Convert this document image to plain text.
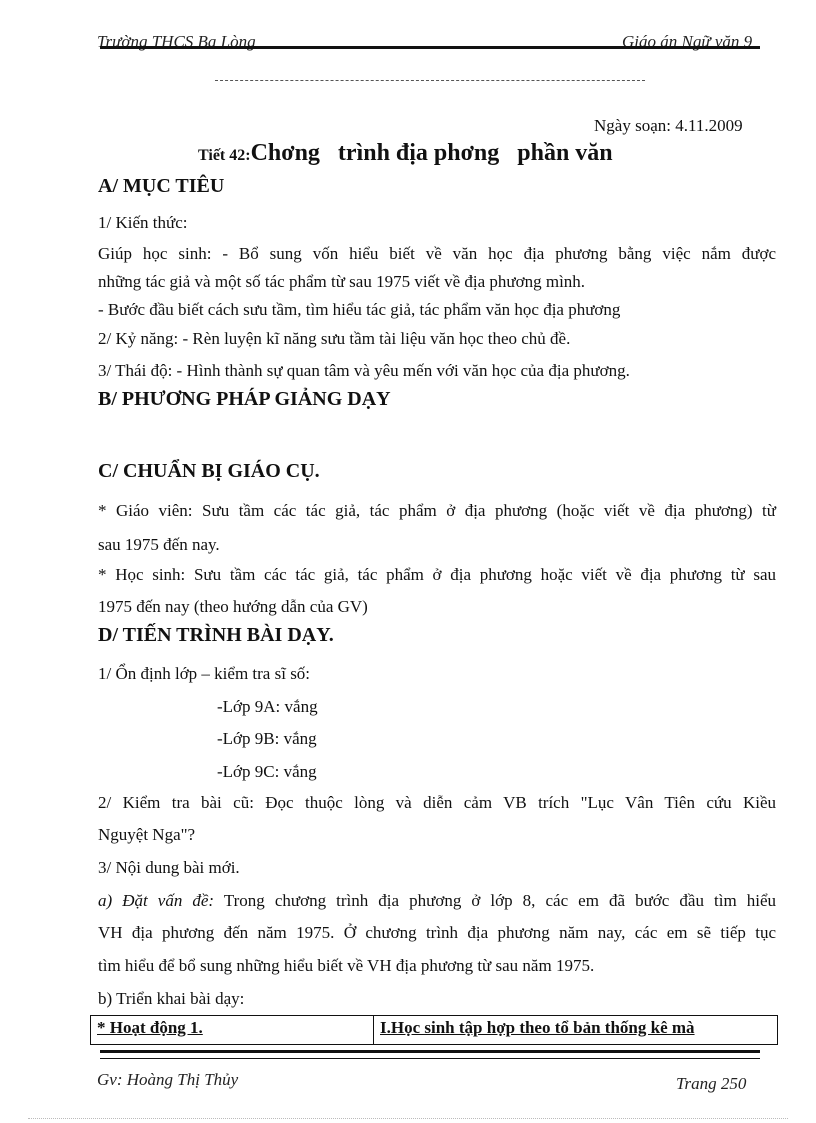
Trường THCS Ba Lòng	Giáo án Ngữ văn 9
Ngày soạn: 4.11.2009
Tiết 42:Chơng   trình địa phơng   phần văn
A/ MỤC TIÊU
1/ Kiến thức:
Giúp học sinh: - Bổ sung vốn hiểu biết về văn học địa phương bằng việc nắm được
những tác giả và một số tác phẩm từ sau 1975 viết về địa phương mình.
- Bước đầu biết cách sưu tầm, tìm hiểu tác giả, tác phẩm văn học địa phương
2/ Kỷ năng: - Rèn luyện kĩ năng sưu tầm tài liệu văn học theo chủ đề.
3/ Thái độ: - Hình thành sự quan tâm và yêu mến với văn học của địa phương.
B/ PHƯƠNG PHÁP GIẢNG DẠY
C/ CHUẨN BỊ GIÁO CỤ.
* Giáo viên: Sưu tầm các tác giả, tác phẩm ở địa phương (hoặc viết về địa phương) từ
sau 1975 đến nay.
* Học sinh: Sưu tầm các tác giả, tác phẩm ở địa phương hoặc viết về địa phương từ sau
1975 đến nay (theo hướng dẫn của GV)
D/ TIẾN TRÌNH BÀI DẠY.
1/ Ổn định lớp – kiểm tra sĩ số:
-Lớp 9A: vắng
-Lớp 9B: vắng
-Lớp 9C: vắng
2/ Kiểm tra bài cũ: Đọc thuộc lòng và diễn cảm VB trích "Lục Vân Tiên cứu Kiều
Nguyệt Nga"?
3/ Nội dung bài mới.
a) Đặt vấn đề: Trong chương trình địa phương ở lớp 8, các em đã bước đầu tìm hiểu
VH địa phương đến năm 1975. Ở chương trình địa phương năm nay, các em sẽ tiếp tục
tìm hiểu để bổ sung những hiểu biết về VH địa phương từ sau năm 1975.
b) Triển khai bài dạy:
* Hoạt động 1.	I.Học sinh tập hợp theo tổ bản thống kê mà
Gv: Hoàng Thị Thủy	Trang 250
